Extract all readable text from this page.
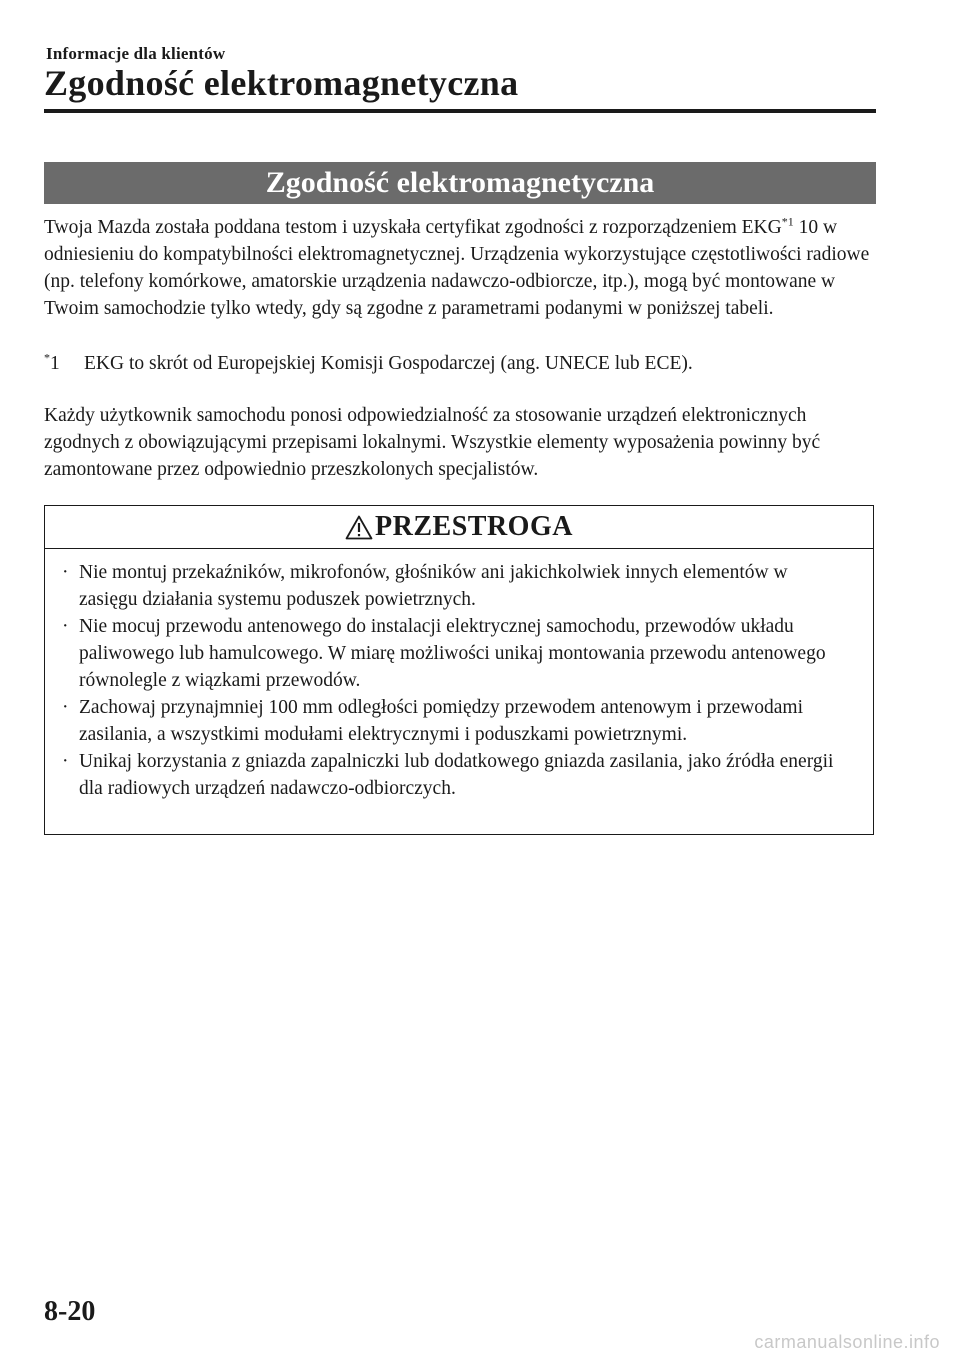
Informacje dla klientów
Zgodność elektromagnetyczna
Zgodność elektromagnetyczna

Twoja Mazda została poddana testom i uzyskała certyfikat zgodności z rozporządzeniem EKG$^{*1}$ 10 w odniesieniu do kompatybilności elektromagnetycznej. Urządzenia wykorzystujące częstotliwości radiowe (np. telefony komórkowe, amatorskie urządzenia nadawczo-odbiorcze, itp.), mogą być montowane w Twoim samochodzie tylko wtedy, gdy są zgodne z parametrami podanymi w poniższej tabeli.

*1 EKG to skrót od Europejskiej Komisji Gospodarczej (ang. UNECE lub ECE).

Każdy użytkownik samochodu ponosi odpowiedzialność za stosowanie urządzeń elektronicznych zgodnych z obowiązującymi przepisami lokalnymi. Wszystkie elementy wyposażenia powinny być zamontowane przez odpowiednio przeszkolonych specjalistów.

PRZESTROGA
· Nie montuj przekaźników, mikrofonów, głośników ani jakichkolwiek innych elementów w zasięgu działania systemu poduszek powietrznych.
· Nie mocuj przewodu antenowego do instalacji elektrycznej samochodu, przewodów układu paliwowego lub hamulcowego. W miarę możliwości unikaj montowania przewodu antenowego równolegle z wiązkami przewodów.
· Zachowaj przynajmniej 100 mm odległości pomiędzy przewodem antenowym i przewodami zasilania, a wszystkimi modułami elektrycznymi i poduszkami powietrznymi.
· Unikaj korzystania z gniazda zapalniczki lub dodatkowego gniazda zasilania, jako źródła energii dla radiowych urządzeń nadawczo-odbiorczych.
8-20
carmanualsonline.info
